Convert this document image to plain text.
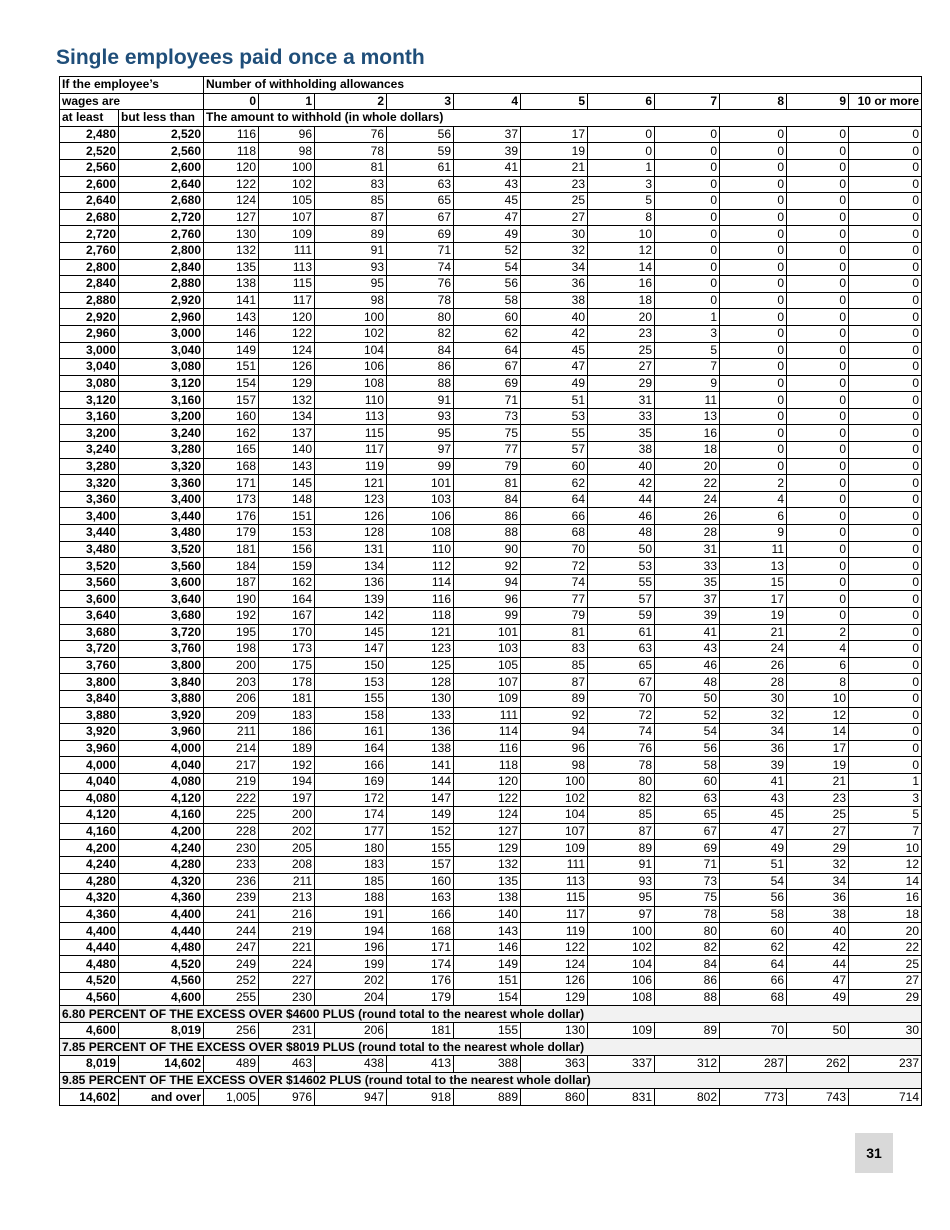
Single employees paid once a month
If the employee’s		Number of withholding allowances										
wages are		0	1	2	3	4	5	6	7	8	9	10 or more
at least	but less than	The amount to withhold (in whole dollars)										
2,480	2,520	116	96	76	56	37	17	0	0	0	0	0
2,520	2,560	118	98	78	59	39	19	0	0	0	0	0
2,560	2,600	120	100	81	61	41	21	1	0	0	0	0
2,600	2,640	122	102	83	63	43	23	3	0	0	0	0
2,640	2,680	124	105	85	65	45	25	5	0	0	0	0
2,680	2,720	127	107	87	67	47	27	8	0	0	0	0
2,720	2,760	130	109	89	69	49	30	10	0	0	0	0
2,760	2,800	132	111	91	71	52	32	12	0	0	0	0
2,800	2,840	135	113	93	74	54	34	14	0	0	0	0
2,840	2,880	138	115	95	76	56	36	16	0	0	0	0
2,880	2,920	141	117	98	78	58	38	18	0	0	0	0
2,920	2,960	143	120	100	80	60	40	20	1	0	0	0
2,960	3,000	146	122	102	82	62	42	23	3	0	0	0
3,000	3,040	149	124	104	84	64	45	25	5	0	0	0
3,040	3,080	151	126	106	86	67	47	27	7	0	0	0
3,080	3,120	154	129	108	88	69	49	29	9	0	0	0
3,120	3,160	157	132	110	91	71	51	31	11	0	0	0
3,160	3,200	160	134	113	93	73	53	33	13	0	0	0
3,200	3,240	162	137	115	95	75	55	35	16	0	0	0
3,240	3,280	165	140	117	97	77	57	38	18	0	0	0
3,280	3,320	168	143	119	99	79	60	40	20	0	0	0
3,320	3,360	171	145	121	101	81	62	42	22	2	0	0
3,360	3,400	173	148	123	103	84	64	44	24	4	0	0
3,400	3,440	176	151	126	106	86	66	46	26	6	0	0
3,440	3,480	179	153	128	108	88	68	48	28	9	0	0
3,480	3,520	181	156	131	110	90	70	50	31	11	0	0
3,520	3,560	184	159	134	112	92	72	53	33	13	0	0
3,560	3,600	187	162	136	114	94	74	55	35	15	0	0
3,600	3,640	190	164	139	116	96	77	57	37	17	0	0
3,640	3,680	192	167	142	118	99	79	59	39	19	0	0
3,680	3,720	195	170	145	121	101	81	61	41	21	2	0
3,720	3,760	198	173	147	123	103	83	63	43	24	4	0
3,760	3,800	200	175	150	125	105	85	65	46	26	6	0
3,800	3,840	203	178	153	128	107	87	67	48	28	8	0
3,840	3,880	206	181	155	130	109	89	70	50	30	10	0
3,880	3,920	209	183	158	133	111	92	72	52	32	12	0
3,920	3,960	211	186	161	136	114	94	74	54	34	14	0
3,960	4,000	214	189	164	138	116	96	76	56	36	17	0
4,000	4,040	217	192	166	141	118	98	78	58	39	19	0
4,040	4,080	219	194	169	144	120	100	80	60	41	21	1
4,080	4,120	222	197	172	147	122	102	82	63	43	23	3
4,120	4,160	225	200	174	149	124	104	85	65	45	25	5
4,160	4,200	228	202	177	152	127	107	87	67	47	27	7
4,200	4,240	230	205	180	155	129	109	89	69	49	29	10
4,240	4,280	233	208	183	157	132	111	91	71	51	32	12
4,280	4,320	236	211	185	160	135	113	93	73	54	34	14
4,320	4,360	239	213	188	163	138	115	95	75	56	36	16
4,360	4,400	241	216	191	166	140	117	97	78	58	38	18
4,400	4,440	244	219	194	168	143	119	100	80	60	40	20
4,440	4,480	247	221	196	171	146	122	102	82	62	42	22
4,480	4,520	249	224	199	174	149	124	104	84	64	44	25
4,520	4,560	252	227	202	176	151	126	106	86	66	47	27
4,560	4,600	255	230	204	179	154	129	108	88	68	49	29
6.80 PERCENT OF THE EXCESS OVER $4600 PLUS (round total to the nearest whole dollar)												
4,600	8,019	256	231	206	181	155	130	109	89	70	50	30
7.85 PERCENT OF THE EXCESS OVER $8019 PLUS (round total to the nearest whole dollar)												
8,019	14,602	489	463	438	413	388	363	337	312	287	262	237
9.85 PERCENT OF THE EXCESS OVER $14602 PLUS (round total to the nearest whole dollar)												
14,602	and over	1,005	976	947	918	889	860	831	802	773	743	714
31
